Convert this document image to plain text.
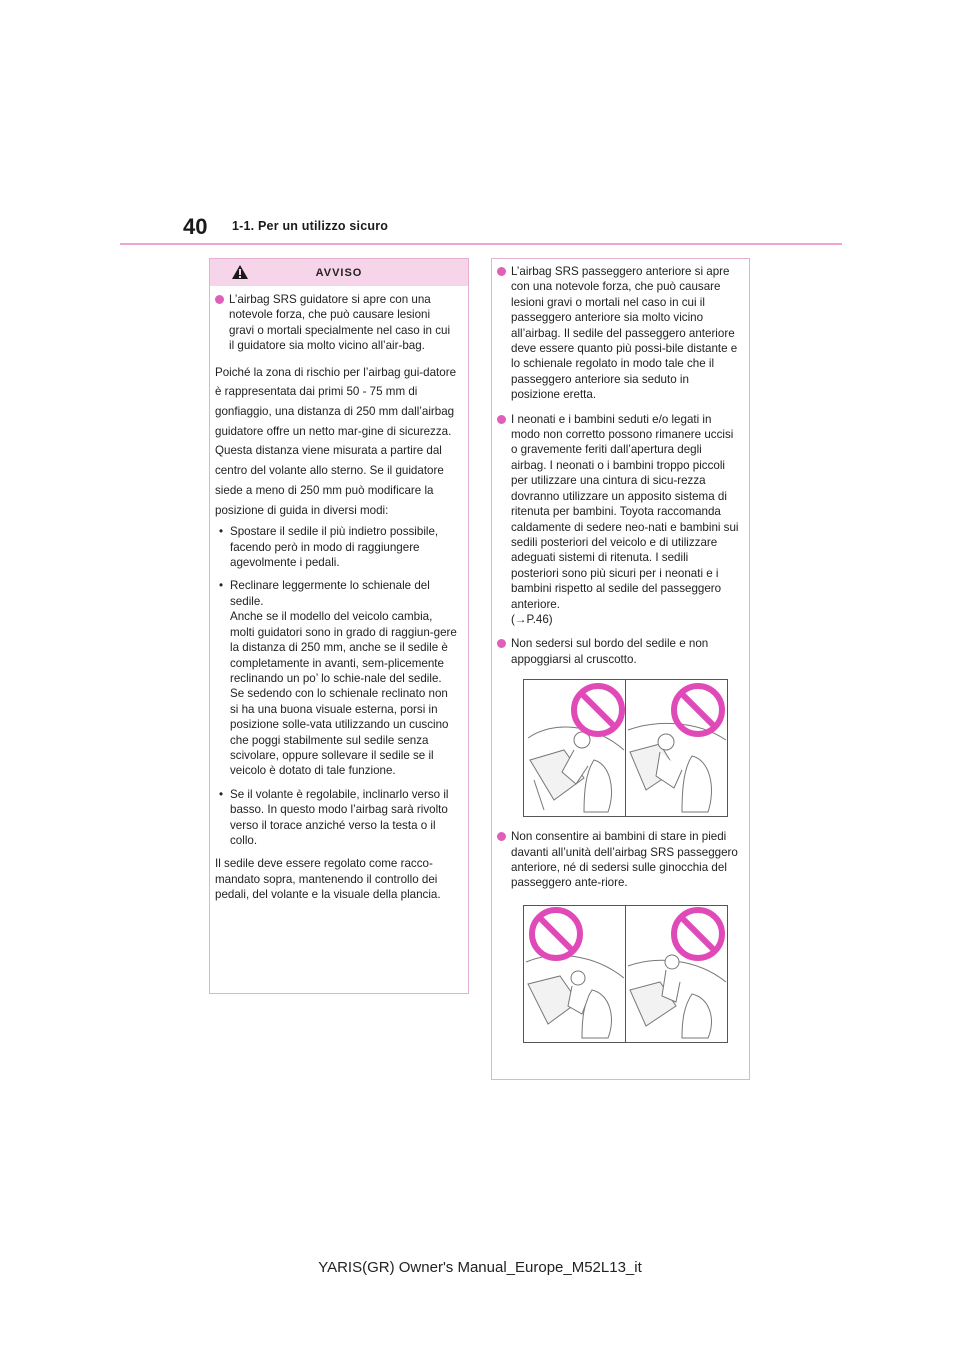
40 1-1. Per un utilizzo sicuro
AVVISO
L’airbag SRS guidatore si apre con una notevole forza, che può causare lesioni gravi o mortali specialmente nel caso in cui il guidatore sia molto vicino all’air-bag.

Poiché la zona di rischio per l’airbag gui-datore è rappresentata dai primi 50 - 75 mm di gonfiaggio, una distanza di 250 mm dall’airbag guidatore offre un netto mar-gine di sicurezza. Questa distanza viene misurata a partire dal centro del volante allo sterno. Se il guidatore siede a meno di 250 mm può modificare la posizione di guida in diversi modi:

• Spostare il sedile il più indietro possibile, facendo però in modo di raggiungere agevolmente i pedali.
• Reclinare leggermente lo schienale del sedile.
Anche se il modello del veicolo cambia, molti guidatori sono in grado di raggiun-gere la distanza di 250 mm, anche se il sedile è completamente in avanti, sem-plicemente reclinando un po’ lo schie-nale del sedile. Se sedendo con lo schienale reclinato non si ha una buona visuale esterna, porsi in posizione solle-vata utilizzando un cuscino che poggi stabilmente sul sedile senza scivolare, oppure sollevare il sedile se il veicolo è dotato di tale funzione.
• Se il volante è regolabile, inclinarlo verso il basso. In questo modo l’airbag sarà rivolto verso il torace anziché verso la testa o il collo.

Il sedile deve essere regolato come racco-mandato sopra, mantenendo il controllo dei pedali, del volante e la visuale della plancia.

L’airbag SRS passeggero anteriore si apre con una notevole forza, che può causare lesioni gravi o mortali nel caso in cui il passeggero anteriore sia molto vicino all’airbag. Il sedile del passeggero anteriore deve essere quanto più possi-bile distante e lo schienale regolato in modo tale che il passeggero anteriore sia seduto in posizione eretta.
I neonati e i bambini seduti e/o legati in modo non corretto possono rimanere uccisi o gravemente feriti dall’apertura degli airbag. I neonati o i bambini troppo piccoli per utilizzare una cintura di sicu-rezza dovranno utilizzare un apposito sistema di ritenuta per bambini. Toyota raccomanda caldamente di sedere neo-nati e bambini sui sedili posteriori del veicolo e di utilizzare adeguati sistemi di ritenuta. I sedili posteriori sono più sicuri per i neonati e i bambini rispetto al sedile del passeggero anteriore.
(→P.46)
Non sedersi sul bordo del sedile e non appoggiarsi al cruscotto.
Non consentire ai bambini di stare in piedi davanti all’unità dell’airbag SRS passeggero anteriore, né di sedersi sulle ginocchia del passeggero ante-riore.
YARIS(GR) Owner's Manual_Europe_M52L13_it
